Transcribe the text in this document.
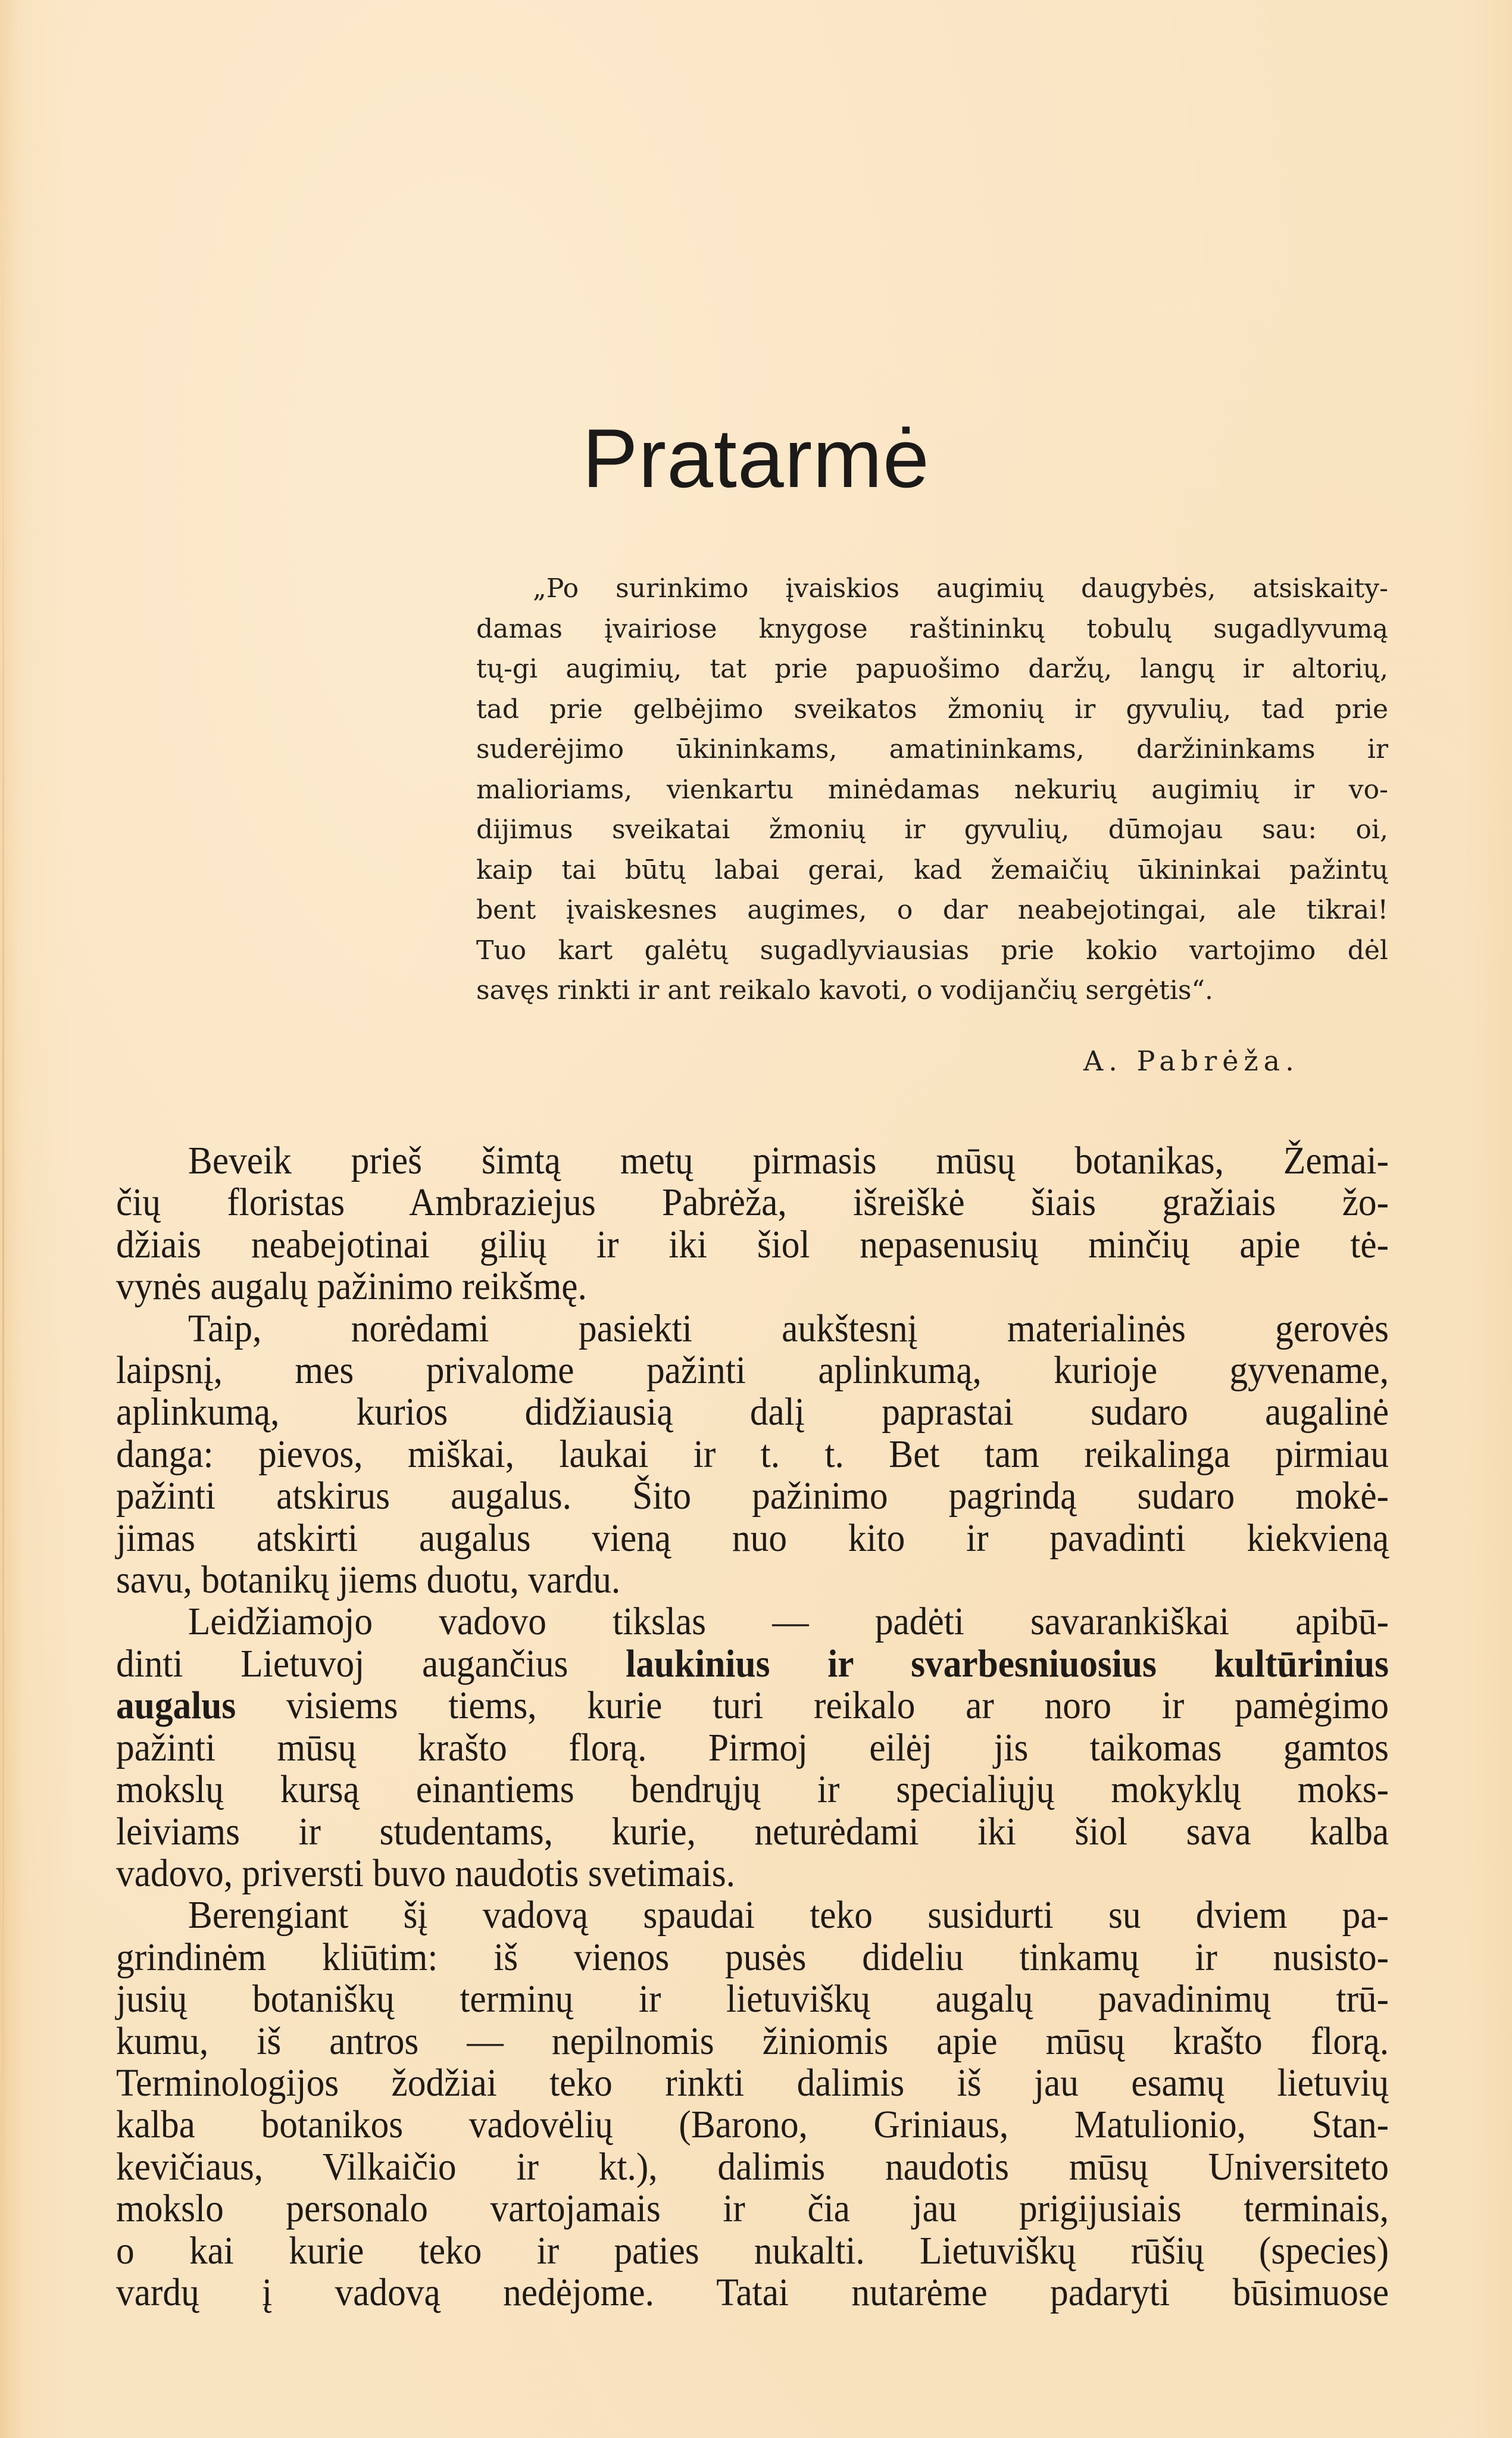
Pratarmė
„Po surinkimo įvaiskios augimių daugybės, atsiskaity-
damas įvairiose knygose raštininkų tobulų sugadlyvumą
tų-gi augimių, tat prie papuošimo daržų, langų ir altorių,
tad prie gelbėjimo sveikatos žmonių ir gyvulių, tad prie
suderėjimo ūkininkams, amatininkams, daržininkams ir
malioriams, vienkartu minėdamas nekurių augimių ir vo-
dijimus sveikatai žmonių ir gyvulių, dūmojau sau: oi,
kaip tai būtų labai gerai, kad žemaičių ūkininkai pažintų
bent įvaiskesnes augimes, o dar neabejotingai, ale tikrai!
Tuo kart galėtų sugadlyviausias prie kokio vartojimo dėl
savęs rinkti ir ant reikalo kavoti, o vodijančių sergėtis“.
A. Pabrėža.
Beveik prieš šimtą metų pirmasis mūsų botanikas, Žemai-
čių floristas Ambraziejus Pabrėža, išreiškė šiais gražiais žo-
džiais neabejotinai gilių ir iki šiol nepasenusių minčių apie tė-
vynės augalų pažinimo reikšmę.
Taip, norėdami pasiekti aukštesnį materialinės gerovės
laipsnį, mes privalome pažinti aplinkumą, kurioje gyvename,
aplinkumą, kurios didžiausią dalį paprastai sudaro augalinė
danga: pievos, miškai, laukai ir t. t. Bet tam reikalinga pirmiau
pažinti atskirus augalus. Šito pažinimo pagrindą sudaro mokė-
jimas atskirti augalus vieną nuo kito ir pavadinti kiekvieną
savu, botanikų jiems duotu, vardu.
Leidžiamojo vadovo tikslas — padėti savarankiškai apibū-
dinti Lietuvoj augančius laukinius ir svarbesniuosius kultūrinius
augalus visiems tiems, kurie turi reikalo ar noro ir pamėgimo
pažinti mūsų krašto florą. Pirmoj eilėj jis taikomas gamtos
mokslų kursą einantiems bendrųjų ir specialiųjų mokyklų moks-
leiviams ir studentams, kurie, neturėdami iki šiol sava kalba
vadovo, priversti buvo naudotis svetimais.
Berengiant šį vadovą spaudai teko susidurti su dviem pa-
grindinėm kliūtim: iš vienos pusės dideliu tinkamų ir nusisto-
jusių botaniškų terminų ir lietuviškų augalų pavadinimų trū-
kumu, iš antros — nepilnomis žiniomis apie mūsų krašto florą.
Terminologijos žodžiai teko rinkti dalimis iš jau esamų lietuvių
kalba botanikos vadovėlių (Barono, Griniaus, Matulionio, Stan-
kevičiaus, Vilkaičio ir kt.), dalimis naudotis mūsų Universiteto
mokslo personalo vartojamais ir čia jau prigijusiais terminais,
o kai kurie teko ir paties nukalti. Lietuviškų rūšių (species)
vardų į vadovą nedėjome. Tatai nutarėme padaryti būsimuose
